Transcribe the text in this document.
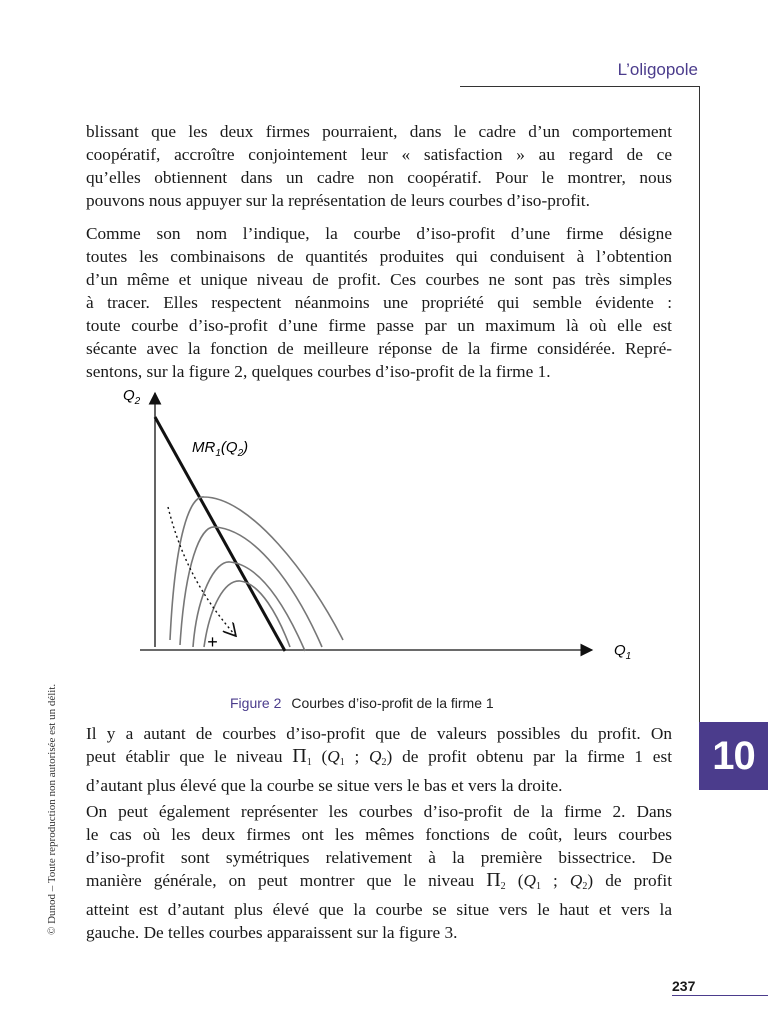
L’oligopole
10

blissant que les deux firmes pourraient, dans le cadre d’un comportement
coopératif, accroître conjointement leur « satisfaction » au regard de ce
qu’elles obtiennent dans un cadre non coopératif. Pour le montrer, nous
pouvons nous appuyer sur la représentation de leurs courbes d’iso-profit.

Comme son nom l’indique, la courbe d’iso-profit d’une firme désigne
toutes les combinaisons de quantités produites qui conduisent à l’obtention
d’un même et unique niveau de profit. Ces courbes ne sont pas très simples
à tracer. Elles respectent néanmoins une propriété qui semble évidente :
toute courbe d’iso-profit d’une firme passe par un maximum là où elle est
sécante avec la fonction de meilleure réponse de la firme considérée. Repré-
sentons, sur la figure 2, quelques courbes d’iso-profit de la firme 1.

$Q_2$
$Q_1$
$MR_1(Q_2)$
+
Figure 2 Courbes d’iso-profit de la firme 1

Il y a autant de courbes d’iso-profit que de valeurs possibles du profit. On
peut établir que le niveau $\Pi_1$ ($Q_1$ ; $Q_2$) de profit obtenu par la firme 1 est
d’autant plus élevé que la courbe se situe vers le bas et vers la droite.

On peut également représenter les courbes d’iso-profit de la firme 2. Dans
le cas où les deux firmes ont les mêmes fonctions de coût, leurs courbes
d’iso-profit sont symétriques relativement à la première bissectrice. De
manière générale, on peut montrer que le niveau $\Pi_2$ ($Q_1$ ; $Q_2$) de profit
atteint est d’autant plus élevé que la courbe se situe vers le haut et vers la
gauche. De telles courbes apparaissent sur la figure 3.

© Dunod – Toute reproduction non autorisée est un délit.
237
